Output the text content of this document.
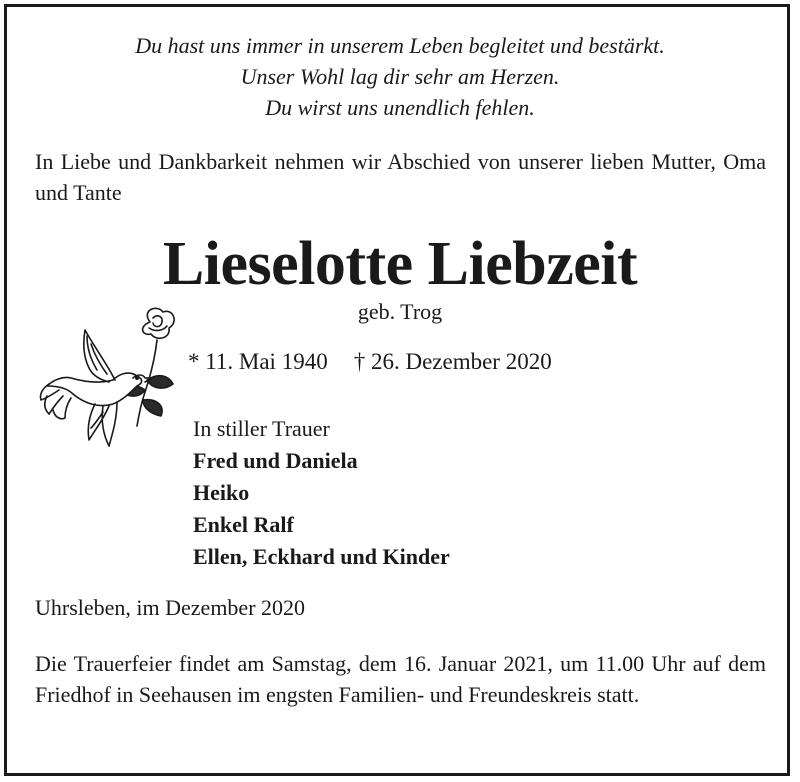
Du hast uns immer in unserem Leben begleitet und bestärkt.
Unser Wohl lag dir sehr am Herzen.
Du wirst uns unendlich fehlen.
In Liebe und Dankbarkeit nehmen wir Abschied von unserer lieben Mutter, Oma und Tante
Lieselotte Liebzeit
geb. Trog
* 11. Mai 1940 † 26. Dezember 2020
In stiller Trauer
Fred und Daniela
Heiko
Enkel Ralf
Ellen, Eckhard und Kinder
Uhrsleben, im Dezember 2020
Die Trauerfeier findet am Samstag, dem 16. Januar 2021, um 11.00 Uhr auf dem Friedhof in Seehausen im engsten Familien- und Freundeskreis statt.
